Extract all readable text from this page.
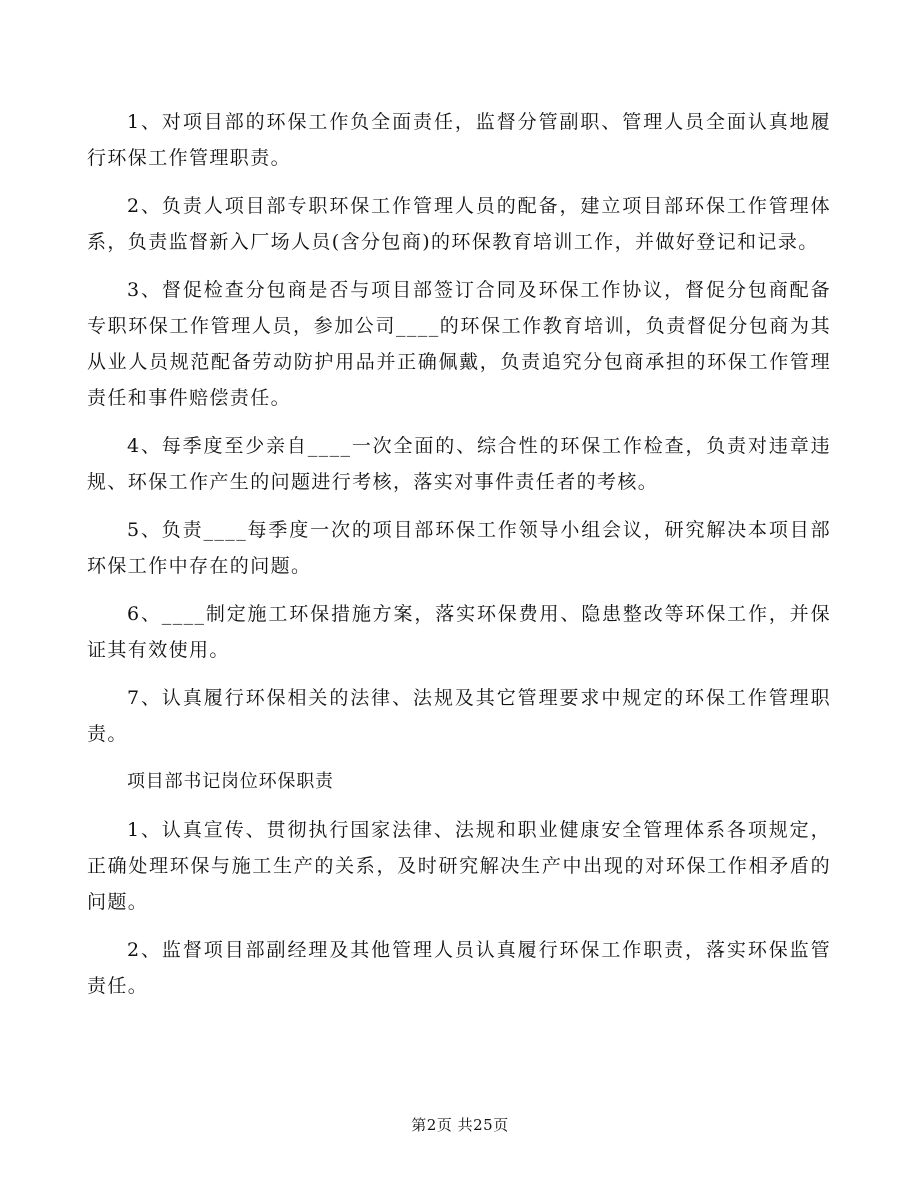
1、对项目部的环保工作负全面责任，监督分管副职、管理人员全面认真地履行环保工作管理职责。

2、负责人项目部专职环保工作管理人员的配备，建立项目部环保工作管理体系，负责监督新入厂场人员(含分包商)的环保教育培训工作，并做好登记和记录。

3、督促检查分包商是否与项目部签订合同及环保工作协议，督促分包商配备专职环保工作管理人员，参加公司____的环保工作教育培训，负责督促分包商为其从业人员规范配备劳动防护用品并正确佩戴，负责追究分包商承担的环保工作管理责任和事件赔偿责任。

4、每季度至少亲自____一次全面的、综合性的环保工作检查，负责对违章违规、环保工作产生的问题进行考核，落实对事件责任者的考核。

5、负责____每季度一次的项目部环保工作领导小组会议，研究解决本项目部环保工作中存在的问题。

6、____制定施工环保措施方案，落实环保费用、隐患整改等环保工作，并保证其有效使用。

7、认真履行环保相关的法律、法规及其它管理要求中规定的环保工作管理职责。

项目部书记岗位环保职责

1、认真宣传、贯彻执行国家法律、法规和职业健康安全管理体系各项规定，正确处理环保与施工生产的关系，及时研究解决生产中出现的对环保工作相矛盾的问题。

2、监督项目部副经理及其他管理人员认真履行环保工作职责，落实环保监管责任。

第2页 共25页
